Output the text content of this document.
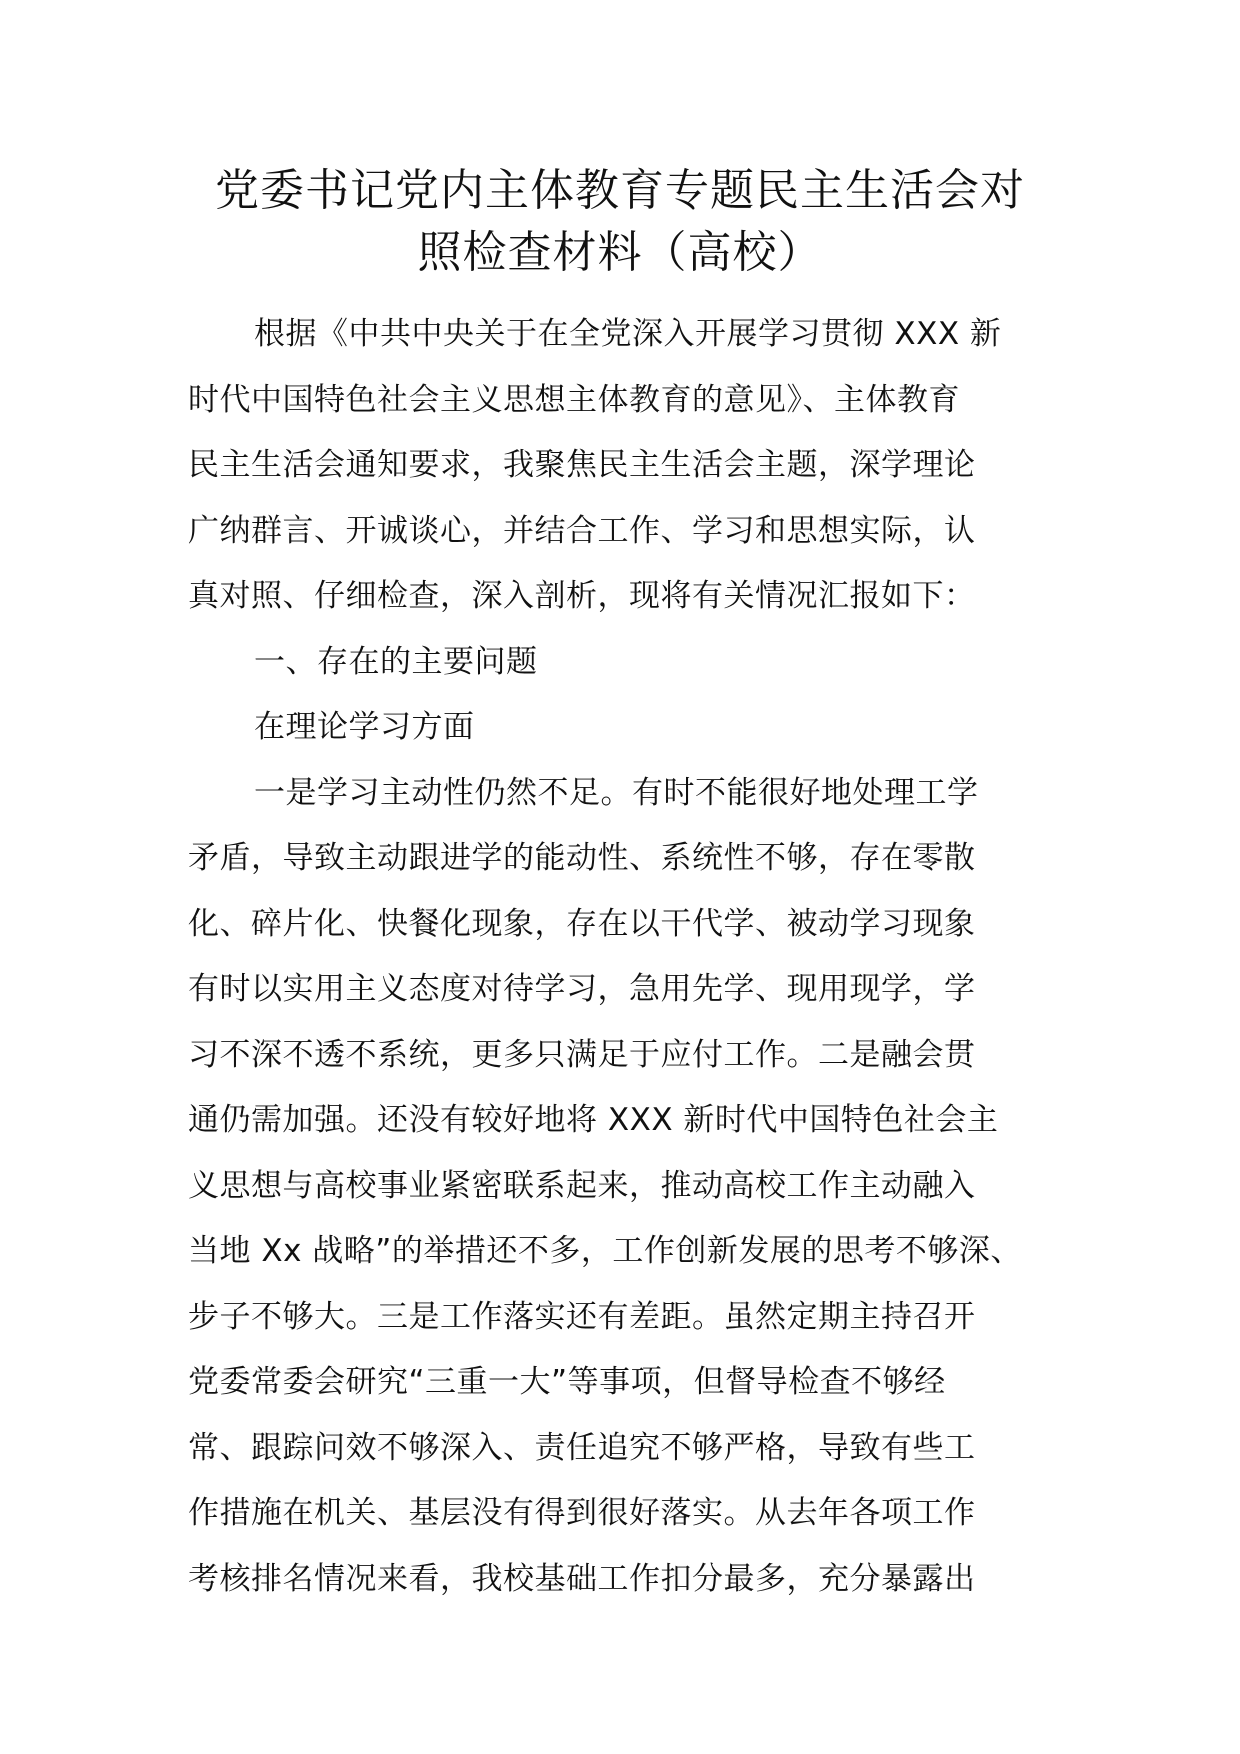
党委书记党内主体教育专题民主生活会对
照检查材料（高校）
根据《中共中央关于在全党深入开展学习贯彻 XXX 新
时代中国特色社会主义思想主体教育的意见》、主体教育
民主生活会通知要求，我聚焦民主生活会主题，深学理论
广纳群言、开诚谈心，并结合工作、学习和思想实际，认
真对照、仔细检查，深入剖析，现将有关情况汇报如下：
一、存在的主要问题
在理论学习方面
一是学习主动性仍然不足。有时不能很好地处理工学
矛盾，导致主动跟进学的能动性、系统性不够，存在零散
化、碎片化、快餐化现象，存在以干代学、被动学习现象
有时以实用主义态度对待学习，急用先学、现用现学，学
习不深不透不系统，更多只满足于应付工作。二是融会贯
通仍需加强。还没有较好地将 XXX 新时代中国特色社会主
义思想与高校事业紧密联系起来，推动高校工作主动融入
当地 Xx 战略”的举措还不多，工作创新发展的思考不够深、
步子不够大。三是工作落实还有差距。虽然定期主持召开
党委常委会研究“三重一大”等事项，但督导检查不够经
常、跟踪问效不够深入、责任追究不够严格，导致有些工
作措施在机关、基层没有得到很好落实。从去年各项工作
考核排名情况来看，我校基础工作扣分最多，充分暴露出
